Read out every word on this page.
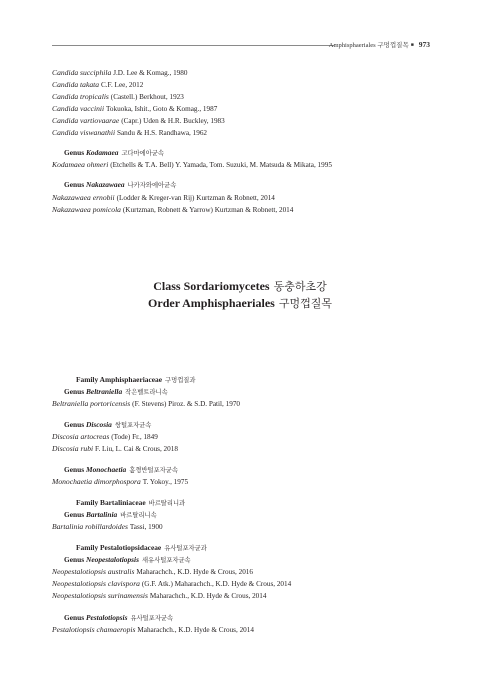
Amphisphaeriales 구멍껍질목 ■ 973
Candida succiphila J.D. Lee & Komag., 1980
Candida takata C.F. Lee, 2012
Candida tropicalis (Castell.) Berkhout, 1923
Candida vaccinii Tokuoka, Ishit., Goto & Komag., 1987
Candida vartiovaarae (Capr.) Uden & H.R. Buckley, 1983
Candida viswanathii Sandu & H.S. Randhawa, 1962
Genus Kodamaea 고다마에아균속
Kodamaea ohmeri (Etchells & T.A. Bell) Y. Yamada, Tom. Suzuki, M. Matsuda & Mikata, 1995
Genus Nakazawaea 나카자와에아균속
Nakazawaea ernobii (Lodder & Kreger-van Rij) Kurtzman & Robnett, 2014
Nakazawaea pomicola (Kurtzman, Robnett & Yarrow) Kurtzman & Robnett, 2014
Class Sordariomycetes 동충하초강
Order Amphisphaeriales 구멍껍질목
Family Amphisphaeriaceae 구멍껍질과
Genus Beltraniella 작은벨트라니속
Beltraniella portoricensis (F. Stevens) Piroz. & S.D. Patil, 1970
Genus Discosia 쌍털포자균속
Discosia artocreas (Tode) Fr., 1849
Discosia rubi F. Liu, L. Cai & Crous, 2018
Genus Monochaetia 홑꼉반털포자균속
Monochaetia dimorphospora T. Yokoy., 1975
Family Bartaliniaceae 바르탈리니과
Genus Bartalinia 바르탈리니속
Bartalinia robillardoides Tassi, 1900
Family Pestalotiopsidaceae 유사털포자균과
Genus Neopestalotiopsis 새유사털포자균속
Neopestalotiopsis australis Maharachch., K.D. Hyde & Crous, 2016
Neopestalotiopsis clavispora (G.F. Atk.) Maharachch., K.D. Hyde & Crous, 2014
Neopestalotiopsis surinamensis Maharachch., K.D. Hyde & Crous, 2014
Genus Pestalotiopsis 유사털포자균속
Pestalotiopsis chamaeropis Maharachch., K.D. Hyde & Crous, 2014
